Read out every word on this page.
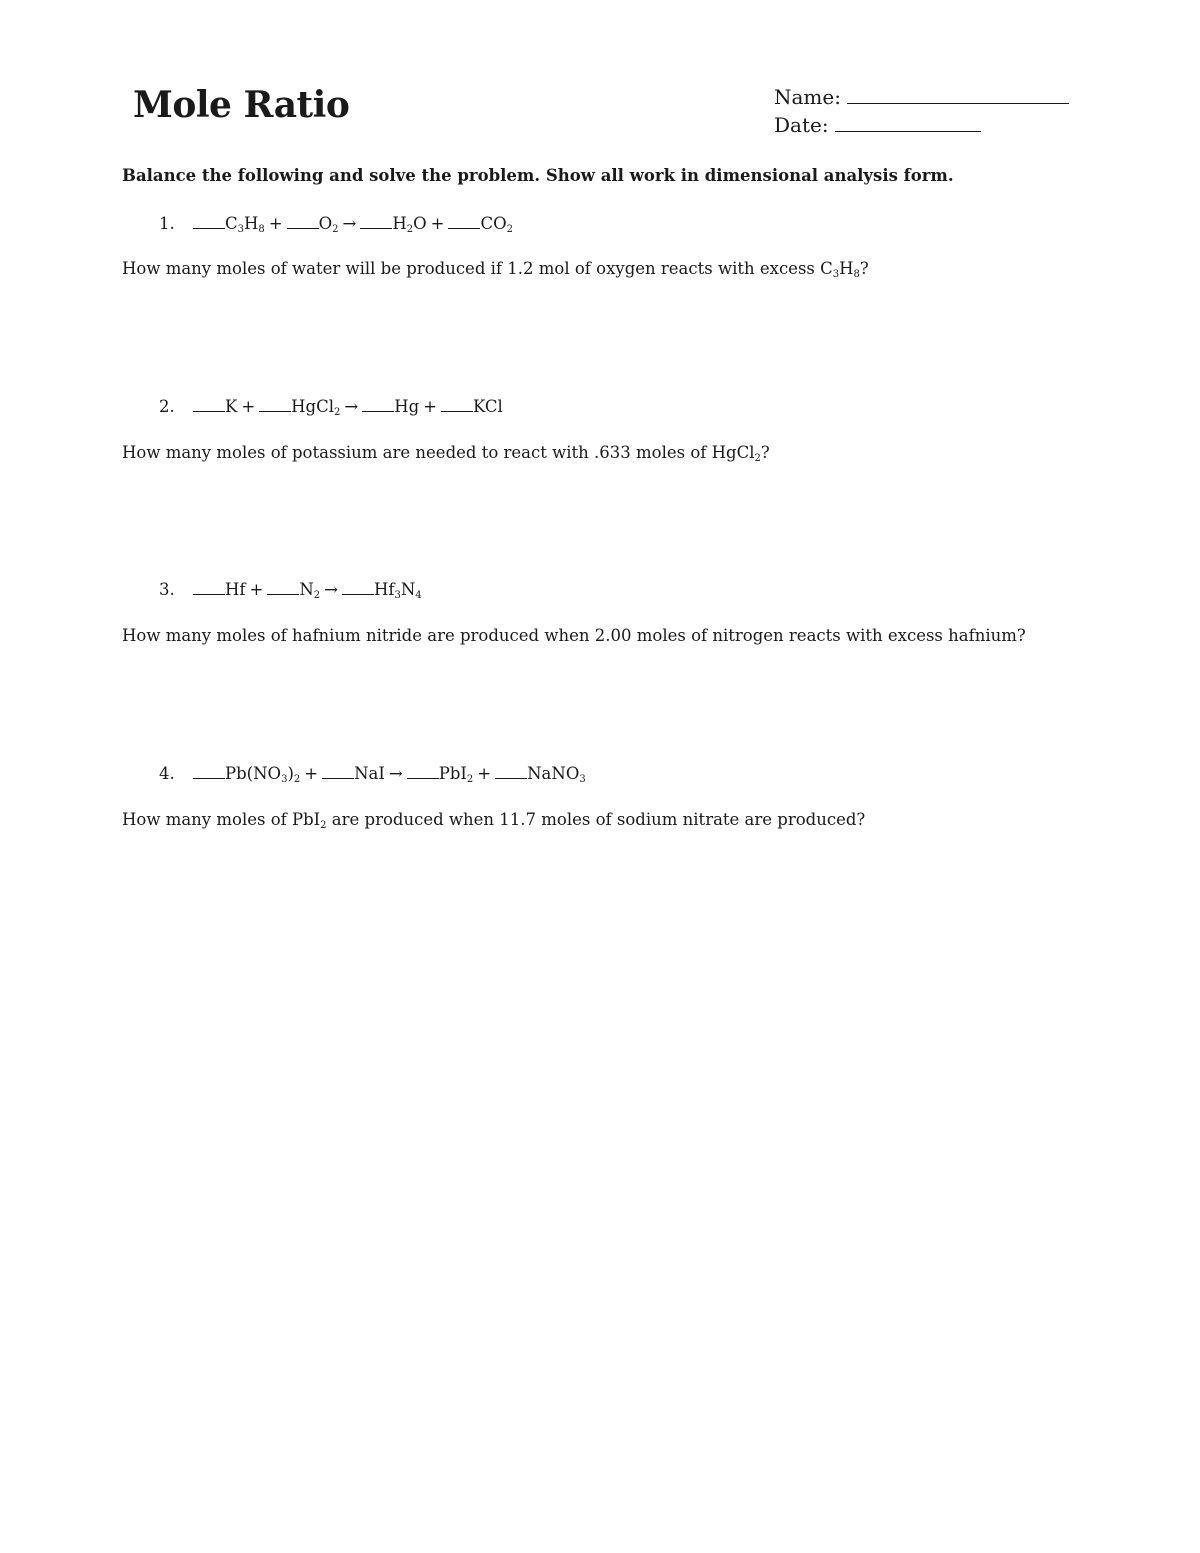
Mole Ratio	Name:
Date:

Balance the following and solve the problem. Show all work in dimensional analysis form.

1.	$C_3H_8 + O_2 \to H_2O + CO_2$

How many moles of water will be produced if 1.2 mol of oxygen reacts with excess $C_3H_8$?

2.	K + HgCl$_2$ → Hg + KCl

How many moles of potassium are needed to react with .633 moles of HgCl$_2$?

3.	$Hf + N_2 \to Hf_3N_4$

How many moles of hafnium nitride are produced when 2.00 moles of nitrogen reacts with excess hafnium?

4.	$Pb(NO_3)_2$ + NaI → PbI$_2$ + NaNO$_3$

How many moles of PbI$_2$ are produced when 11.7 moles of sodium nitrate are produced?
